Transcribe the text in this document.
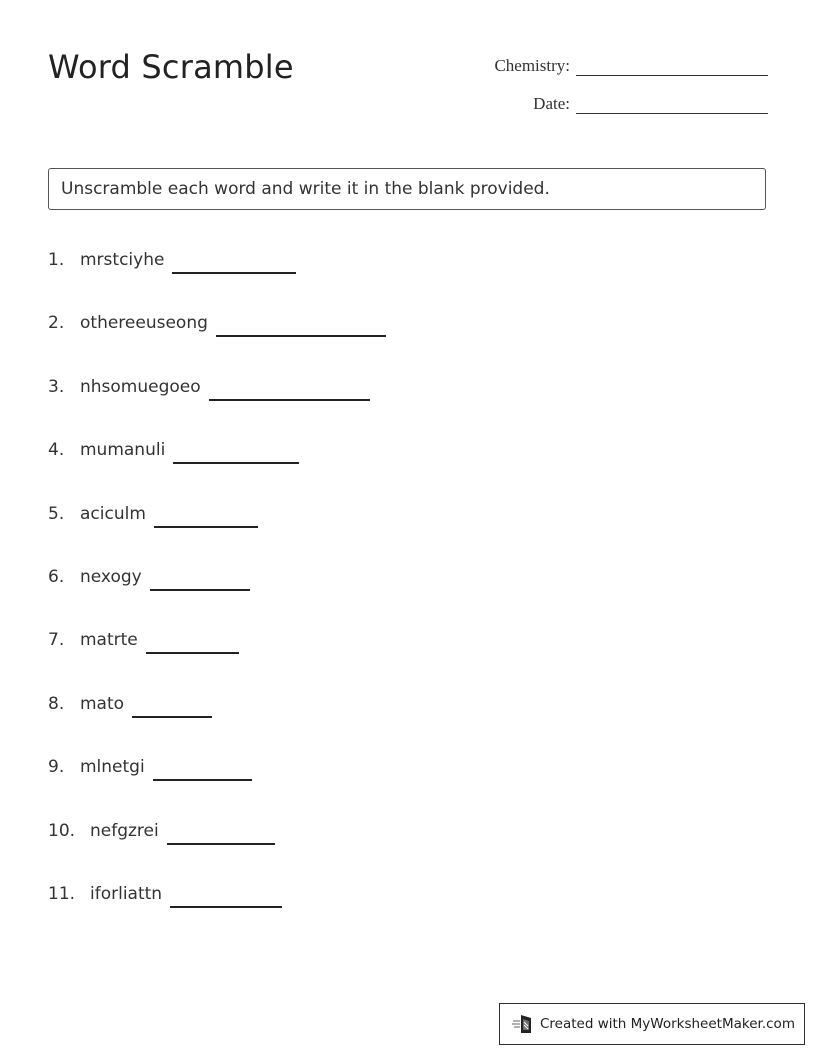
Word Scramble	Chemistry:
Date:
Unscramble each word and write it in the blank provided.
1. mrstciyhe
2. othereeuseong
3. nhsomuegoeo
4. mumanuli
5. aciculm
6. nexogy
7. matrte
8. mato
9. mlnetgi
10. nefgzrei
11. iforliattn
Created with MyWorksheetMaker.com
